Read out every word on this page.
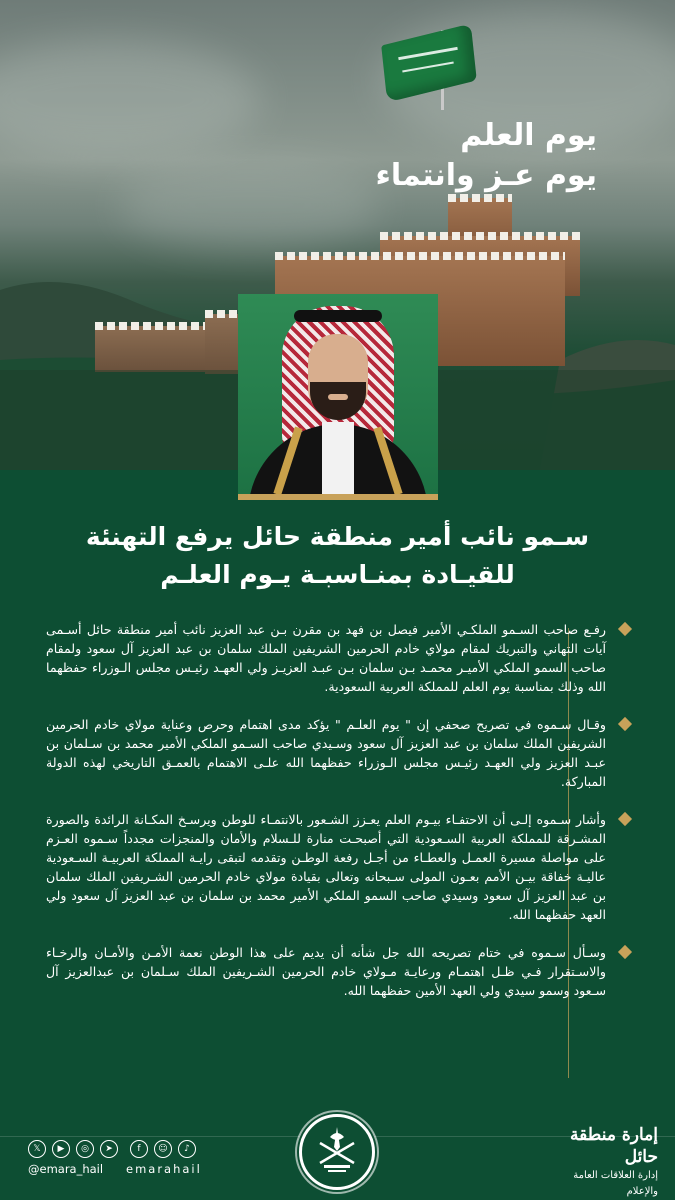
يوم العلم
يوم عـز وانتماء
سـمو نائب أمير منطقة حائل يرفع التهنئة
للقيـادة بمنـاسبـة يـوم العلـم
رفـع صاحب السـمو الملكـي الأمير فيصل بن فهد بن مقرن بـن عبد العزيز نائب أمير منطقة حائل أسـمى آيات التهاني والتبريك لمقام مولاي خادم الحرمين الشريفين الملك سلمان بن عبد العزيز آل سعود ولمقام صاحب السمو الملكي الأميـر محمـد بـن سلمان بـن عبـد العزيـز ولي العهـد رئيـس مجلس الـوزراء حفظهما الله وذلك بمناسبة يوم العلم للمملكة العربية السعودية.
وقـال سـموه في تصريح صحفي إن " يوم العلـم " يؤكد مدى اهتمام وحرص وعناية مولاي خادم الحرمين الشريفين الملك سلمان بن عبد العزيز آل سعود وسـيدي صاحب السـمو الملكي الأمير محمد بن سـلمان بن عبـد العزيز ولي العهـد رئيـس مجلس الـوزراء حفظهما الله علـى الاهتمام بالعمـق التاريخي لهذه الدولة المباركة.
وأشار سـموه إلـى أن الاحتفـاء بيـوم العلم يعـزز الشـعور بالانتمـاء للوطن ويرسـخ المكـانة الرائدة والصورة المشـرقة للمملكة العربية السـعودية التي أصبحـت منارة للـسلام والأمان والمنجزات مجدداً سـموه العـزم على مواصلة مسيرة العمـل والعطـاء من أجـل رفعة الوطـن وتقدمه لتبقى رايـة المملكة العربيـة السـعودية عاليـة خفاقة بيـن الأمم بعـون المولى سـبحانه وتعالى بقيادة مولاي خادم الحرمين الشـريفين الملك سلمان بن عبد العزيز آل سعود وسيدي صاحب السمو الملكي الأمير محمد بن سلمان بن عبد العزيز آل سعود ولي العهد حفظهما الله.
وسـأل سـموه في ختام تصريحه الله جل شأنه أن يديم على هذا الوطن نعمة الأمـن والأمـان والرخـاء والاسـتقرار فـي ظـل اهتمـام ورعايـة مـولاي خادم الحرمين الشـريفين الملك سـلمان بن عبدالعزيز آل سـعود وسمو سيدي ولي العهد الأمين حفظهما الله.
𝕏	▶	◎	➤
@emara_hail
f	☺	♪
emarahail
إمارة منطقة حائل
إدارة العلاقات العامة والإعلام
